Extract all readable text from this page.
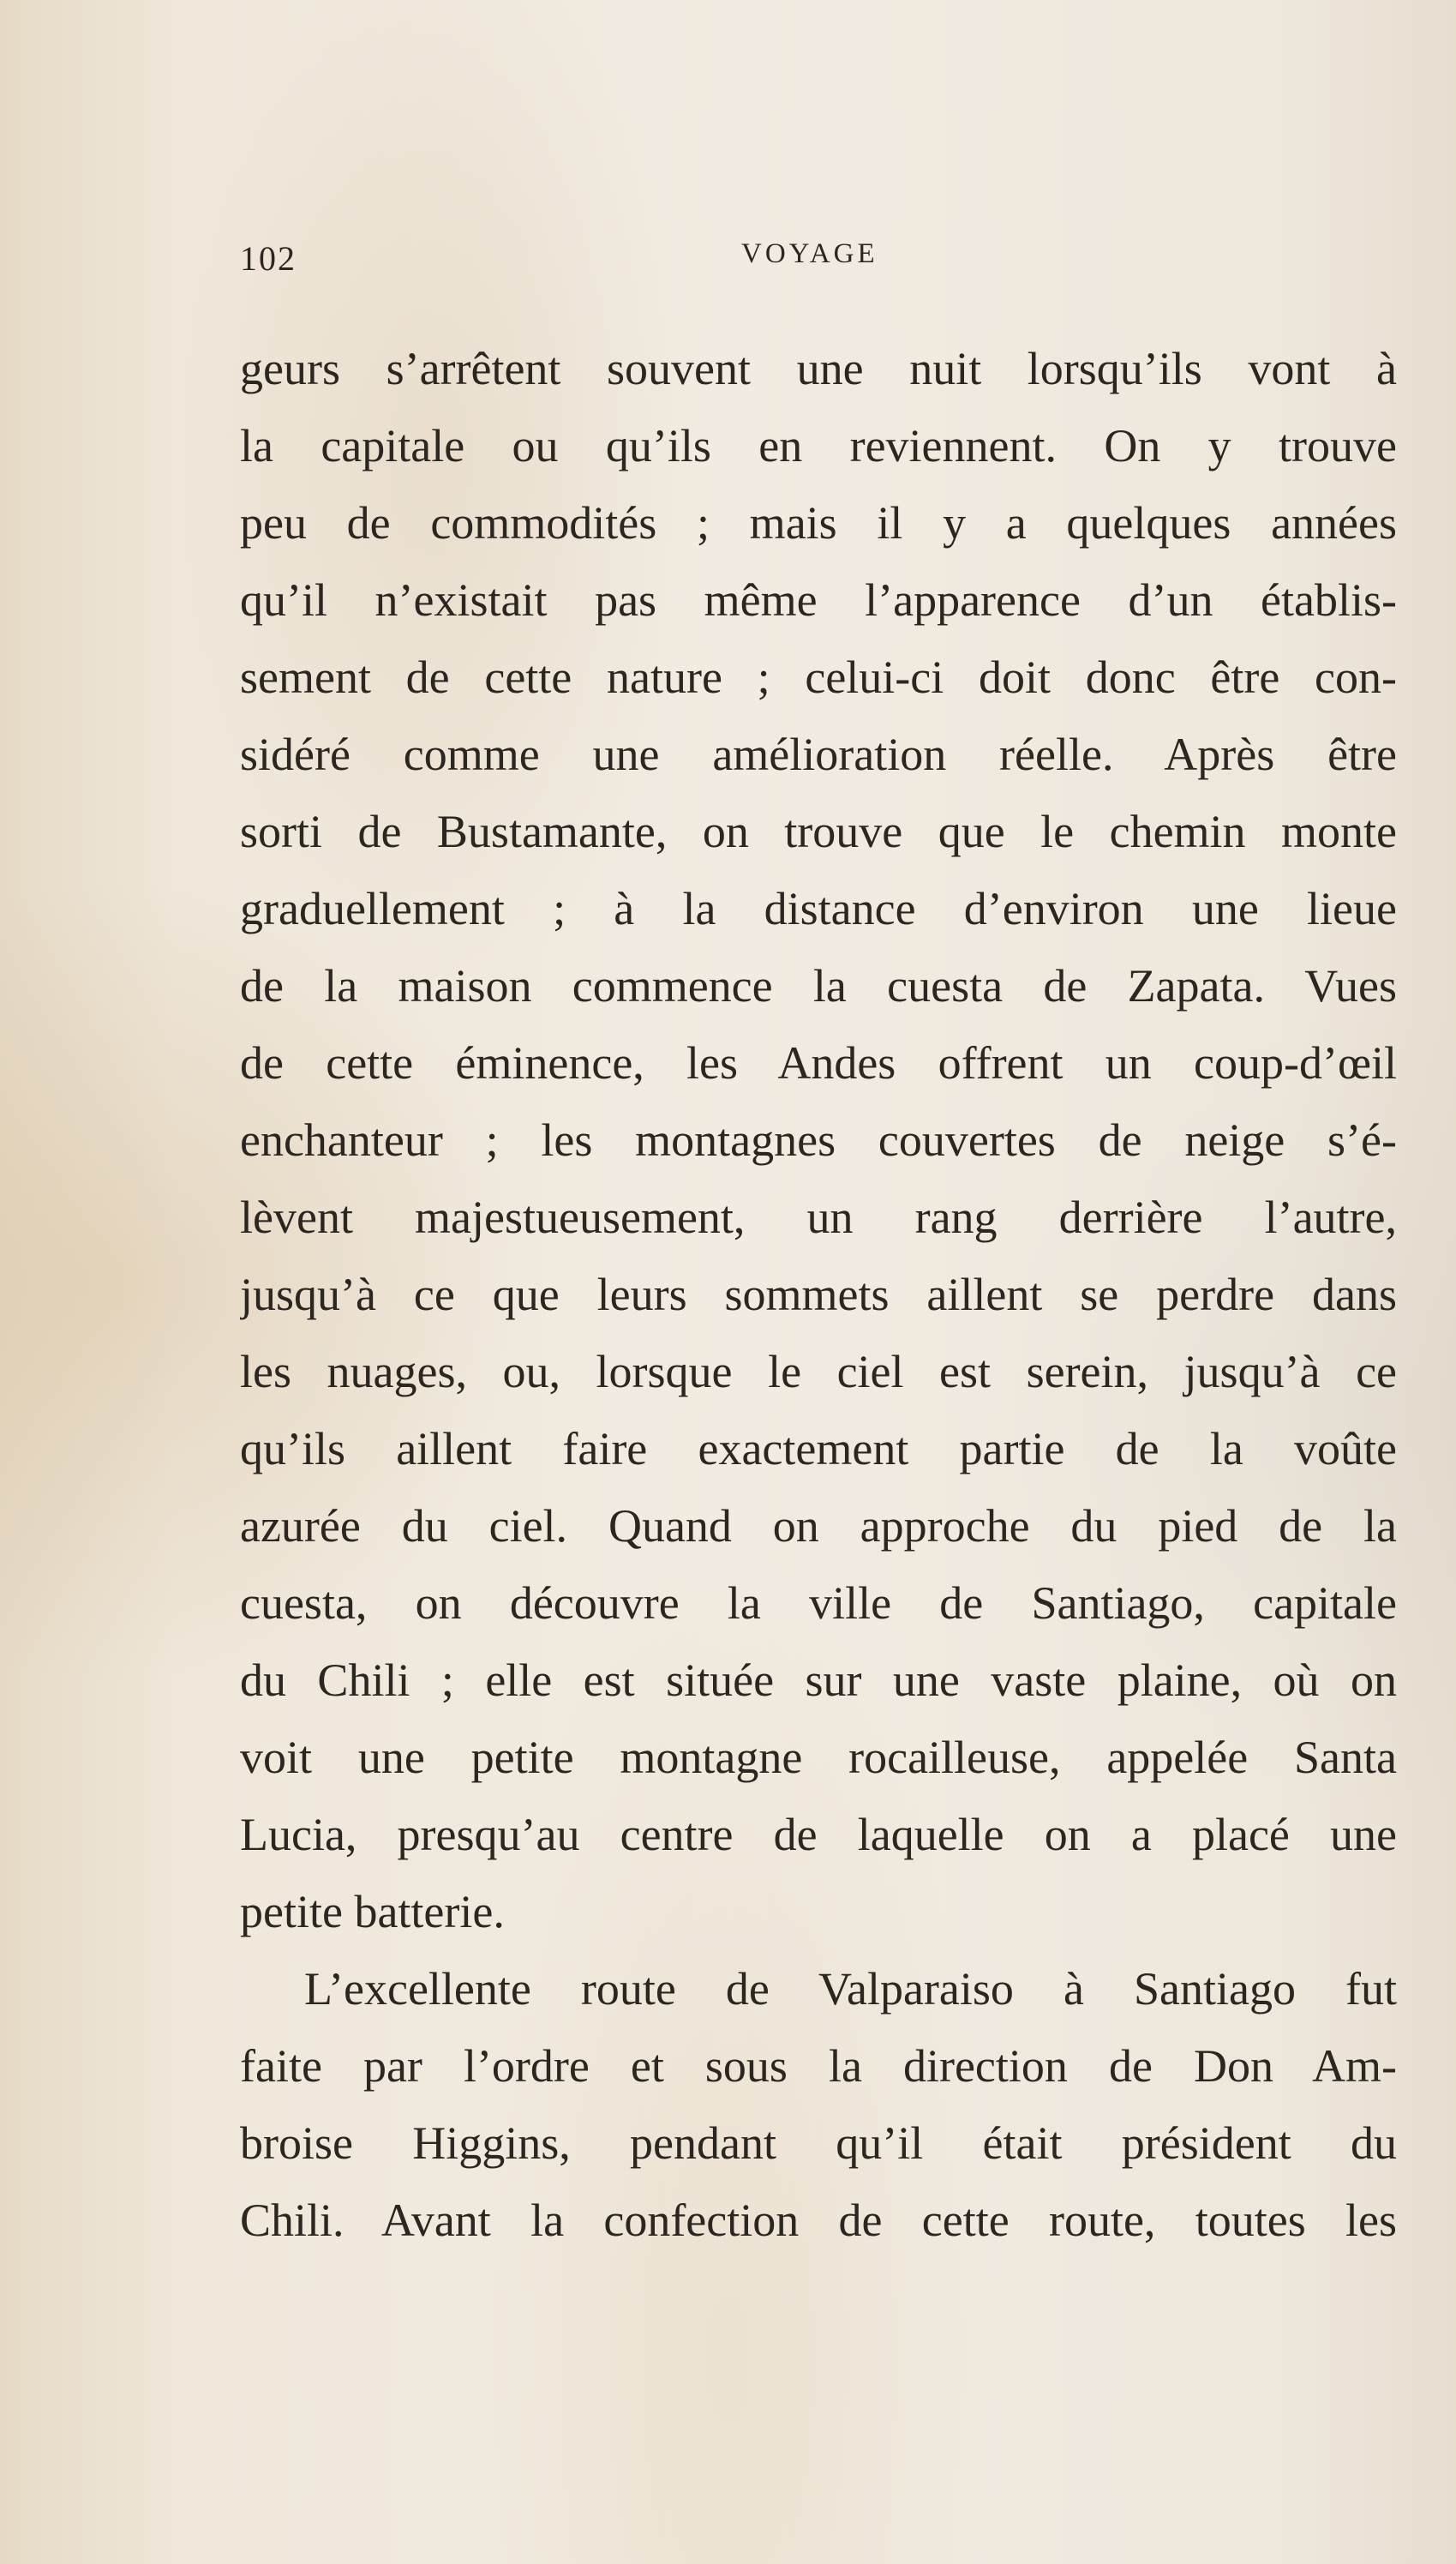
102	VOYAGE
geurs s’arrêtent souvent une nuit lorsqu’ils vont à
la capitale ou qu’ils en reviennent. On y trouve
peu de commodités ; mais il y a quelques années
qu’il n’existait pas même l’apparence d’un établis-
sement de cette nature ; celui-ci doit donc être con-
sidéré comme une amélioration réelle. Après être
sorti de Bustamante, on trouve que le chemin monte
graduellement ; à la distance d’environ une lieue
de la maison commence la cuesta de Zapata. Vues
de cette éminence, les Andes offrent un coup-d’œil
enchanteur ; les montagnes couvertes de neige s’é-
lèvent majestueusement, un rang derrière l’autre,
jusqu’à ce que leurs sommets aillent se perdre dans
les nuages, ou, lorsque le ciel est serein, jusqu’à ce
qu’ils aillent faire exactement partie de la voûte
azurée du ciel. Quand on approche du pied de la
cuesta, on découvre la ville de Santiago, capitale
du Chili ; elle est située sur une vaste plaine, où on
voit une petite montagne rocailleuse, appelée Santa
Lucia, presqu’au centre de laquelle on a placé une
petite batterie.
L’excellente route de Valparaiso à Santiago fut
faite par l’ordre et sous la direction de Don Am-
broise Higgins, pendant qu’il était président du
Chili. Avant la confection de cette route, toutes les
